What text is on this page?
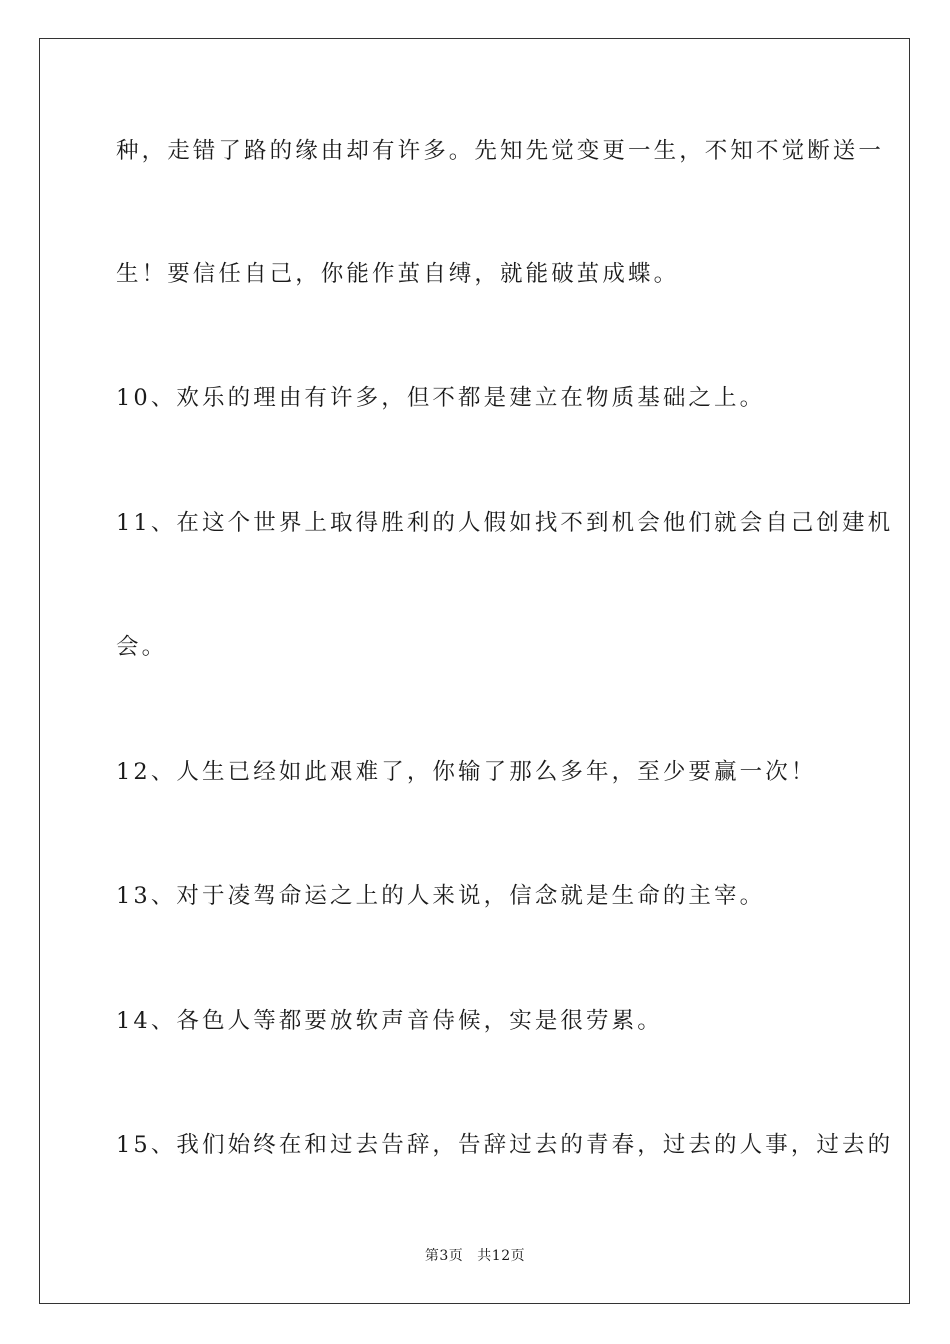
种，走错了路的缘由却有许多。先知先觉变更一生，不知不觉断送一
生！要信任自己，你能作茧自缚，就能破茧成蝶。
10、欢乐的理由有许多，但不都是建立在物质基础之上。
11、在这个世界上取得胜利的人假如找不到机会他们就会自己创建机
会。
12、人生已经如此艰难了，你输了那么多年，至少要赢一次！
13、对于凌驾命运之上的人来说，信念就是生命的主宰。
14、各色人等都要放软声音侍候，实是很劳累。
15、我们始终在和过去告辞，告辞过去的青春，过去的人事，过去的
第3页 共12页
